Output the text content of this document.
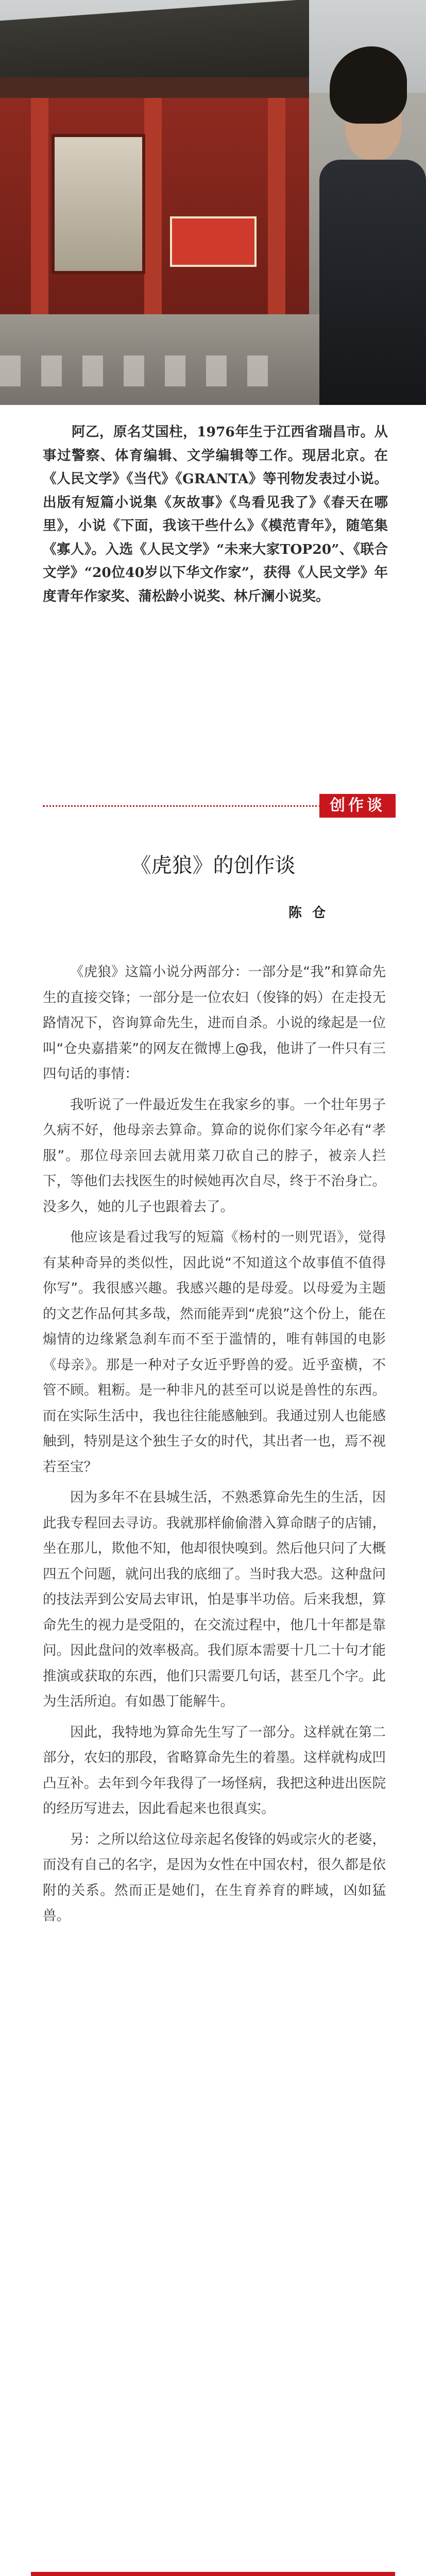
阿乙，原名艾国柱，1976年生于江西省瑞昌市。从事过警察、体育编辑、文学编辑等工作。现居北京。在《人民文学》《当代》《GRANTA》等刊物发表过小说。出版有短篇小说集《灰故事》《鸟看见我了》《春天在哪里》，小说《下面，我该干些什么》《模范青年》，随笔集《寡人》。入选《人民文学》“未来大家TOP20”、《联合文学》“20位40岁以下华文作家”，获得《人民文学》年度青年作家奖、蒲松龄小说奖、林斤澜小说奖。

创作谈
《虎狼》的创作谈

陈仓

《虎狼》这篇小说分两部分：一部分是“我”和算命先生的直接交锋；一部分是一位农妇（俊锋的妈）在走投无路情况下，咨询算命先生，进而自杀。小说的缘起是一位叫“仓央嘉措莱”的网友在微博上@我，他讲了一件只有三四句话的事情：

我听说了一件最近发生在我家乡的事。一个壮年男子久病不好，他母亲去算命。算命的说你们家今年必有“孝服”。那位母亲回去就用菜刀砍自己的脖子，被亲人拦下，等他们去找医生的时候她再次自尽，终于不治身亡。没多久，她的儿子也跟着去了。

他应该是看过我写的短篇《杨村的一则咒语》，觉得有某种奇异的类似性，因此说“不知道这个故事值不值得你写”。我很感兴趣。我感兴趣的是母爱。以母爱为主题的文艺作品何其多哉，然而能弄到“虎狼”这个份上，能在煽情的边缘紧急刹车而不至于滥情的，唯有韩国的电影《母亲》。那是一种对子女近乎野兽的爱。近乎蛮横，不管不顾。粗粝。是一种非凡的甚至可以说是兽性的东西。而在实际生活中，我也往往能感触到。我通过别人也能感触到，特别是这个独生子女的时代，其出者一也，焉不视若至宝？

因为多年不在县城生活，不熟悉算命先生的生活，因此我专程回去寻访。我就那样偷偷潜入算命瞎子的店铺，坐在那儿，欺他不知，他却很快嗅到。然后他只问了大概四五个问题，就问出我的底细了。当时我大恐。这种盘问的技法弄到公安局去审讯，怕是事半功倍。后来我想，算命先生的视力是受阻的，在交流过程中，他几十年都是靠问。因此盘问的效率极高。我们原本需要十几二十句才能推演或获取的东西，他们只需要几句话，甚至几个字。此为生活所迫。有如愚丁能解牛。

因此，我特地为算命先生写了一部分。这样就在第二部分，农妇的那段，省略算命先生的着墨。这样就构成凹凸互补。去年到今年我得了一场怪病，我把这种进出医院的经历写进去，因此看起来也很真实。

另：之所以给这位母亲起名俊锋的妈或宗火的老婆，而没有自己的名字，是因为女性在中国农村，很久都是依附的关系。然而正是她们，在生育养育的畔域，凶如猛兽。
